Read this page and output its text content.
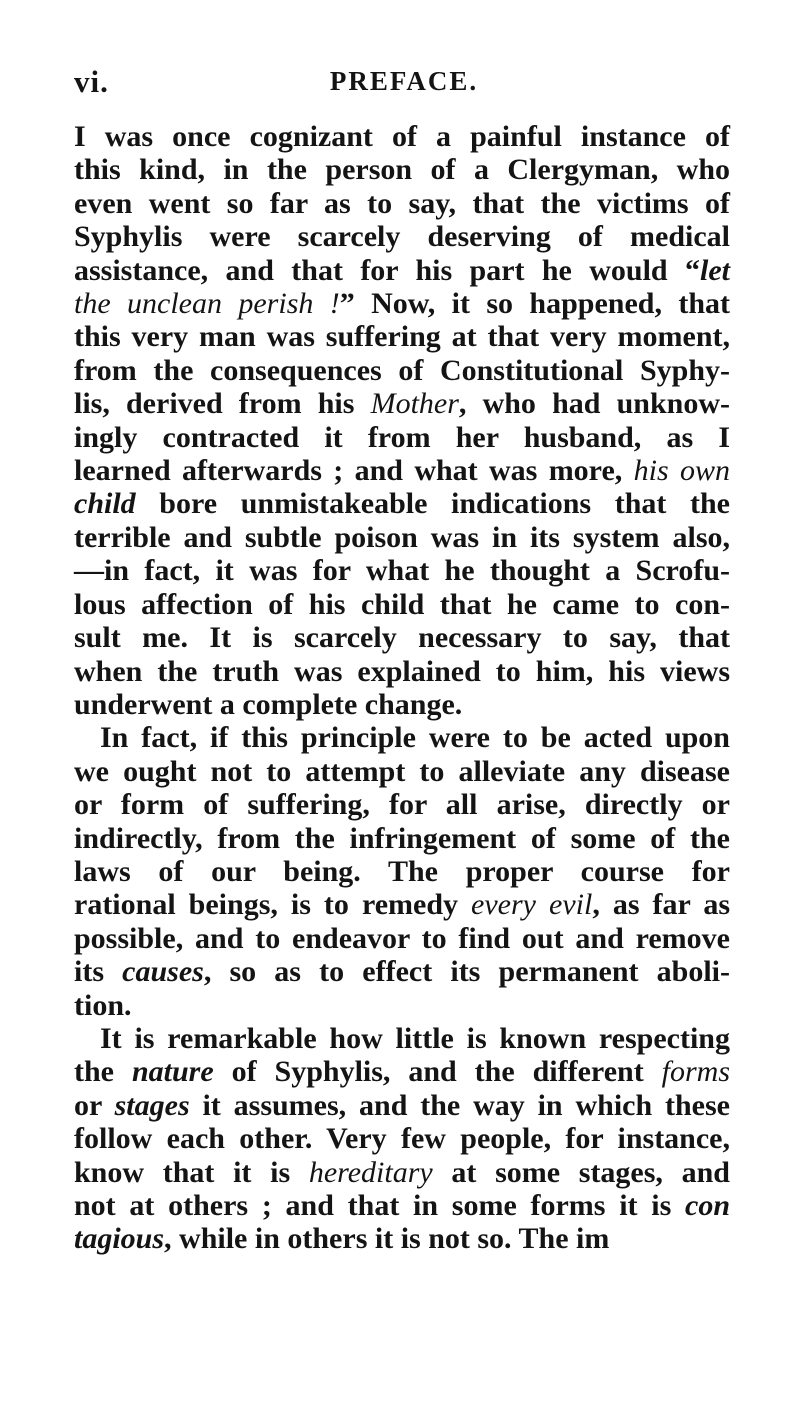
vi.	PREFACE.
I was once cognizant of a painful instance of
this kind, in the person of a Clergyman, who
even went so far as to say, that the victims of
Syphylis were scarcely deserving of medical
assistance, and that for his part he would “let
the unclean perish !” Now, it so happened, that
this very man was suffering at that very moment,
from the consequences of Constitutional Syphy-
lis, derived from his Mother, who had unknow-
ingly contracted it from her husband, as I
learned afterwards ; and what was more, his own
child bore unmistakeable indications that the
terrible and subtle poison was in its system also,
—in fact, it was for what he thought a Scrofu-
lous affection of his child that he came to con-
sult me. It is scarcely necessary to say, that
when the truth was explained to him, his views
underwent a complete change.
In fact, if this principle were to be acted upon
we ought not to attempt to alleviate any disease
or form of suffering, for all arise, directly or
indirectly, from the infringement of some of the
laws of our being. The proper course for
rational beings, is to remedy every evil, as far as
possible, and to endeavor to find out and remove
its causes, so as to effect its permanent aboli-
tion.
It is remarkable how little is known respecting
the nature of Syphylis, and the different forms
or stages it assumes, and the way in which these
follow each other. Very few people, for instance,
know that it is hereditary at some stages, and
not at others ; and that in some forms it is con
tagious, while in others it is not so. The im
